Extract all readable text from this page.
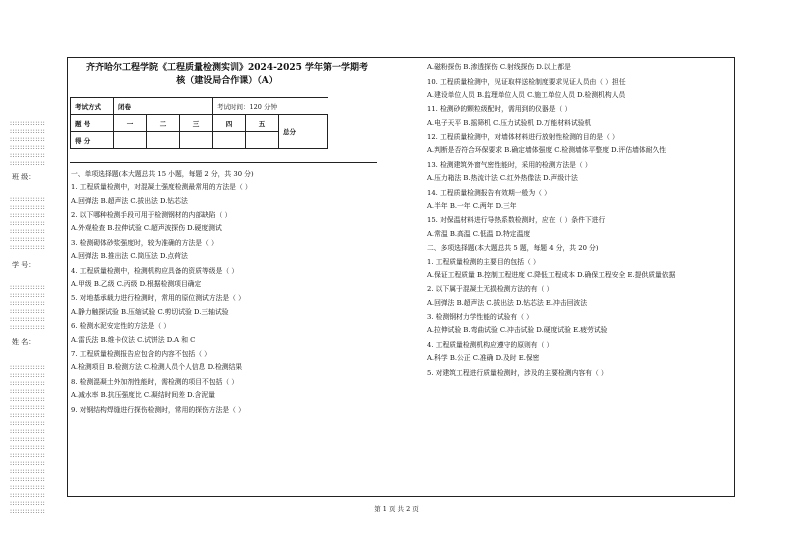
::::::::::::::
::::::::::::::
::::::::::::::
::::::::::::::
::::::::::::::
::::::::::::::
班 级：
::::::::::::::
::::::::::::::
::::::::::::::
::::::::::::::
::::::::::::::
::::::::::::::
::::::::::::::
学 号：
::::::::::::::
::::::::::::::
::::::::::::::
::::::::::::::
::::::::::::::
::::::::::::::
姓 名：
::::::::::::::
::::::::::::::
::::::::::::::
::::::::::::::
::::::::::::::
::::::::::::::
::::::::::::::
::::::::::::::
::::::::::::::
::::::::::::::
::::::::::::::
::::::::::::::
::::::::::::::
::::::::::::::
::::::::::::::
::::::::::::::
::::::::::::::
::::::::::::::
::::::::::::::
齐齐哈尔工程学院《工程质量检测实训》2024-2025 学年第一学期考
核（建设局合作课）（A）
考试方式	闭卷			考试时间：120 分钟		
题 号	一	二	三	四	五	总分
得 分						

一、单项选择题(本大题总共 15 小题，每题 2 分，共 30 分)

1. 工程质量检测中，对混凝土强度检测最常用的方法是（ ）

A.回弹法 B.超声法 C.拔出法 D.钻芯法

2. 以下哪种检测手段可用于检测钢材的内部缺陷（ ）

A.外观检查 B.拉伸试验 C.超声波探伤 D.硬度测试

3. 检测砌体砂浆强度时，较为准确的方法是（ ）

A.回弹法 B.推出法 C.筒压法 D.点荷法

4. 工程质量检测中，检测机构应具备的资质等级是（ ）

A.甲级 B.乙级 C.丙级 D.根据检测项目确定

5. 对地基承载力进行检测时，常用的原位测试方法是（ ）

A.静力触探试验 B.压缩试验 C.剪切试验 D.三轴试验

6. 检测水泥安定性的方法是（ ）

A.雷氏法 B.维卡仪法 C.试饼法 D.A 和 C

7. 工程质量检测报告应包含的内容不包括（ ）

A.检测项目 B.检测方法 C.检测人员个人信息 D.检测结果

8. 检测混凝土外加剂性能时，需检测的项目不包括（ ）

A.减水率 B.抗压强度比 C.凝结时间差 D.含泥量

9. 对钢结构焊缝进行探伤检测时，常用的探伤方法是（ ）

A.磁粉探伤 B.渗透探伤 C.射线探伤 D.以上都是

10. 工程质量检测中，见证取样送检制度要求见证人员由（ ）担任

A.建设单位人员 B.监理单位人员 C.施工单位人员 D.检测机构人员

11. 检测砂的颗粒级配时，需用到的仪器是（ ）

A.电子天平 B.摇筛机 C.压力试验机 D.万能材料试验机

12. 工程质量检测中，对墙体材料进行放射性检测的目的是（ ）

A.判断是否符合环保要求 B.确定墙体强度 C.检测墙体平整度 D.评估墙体耐久性

13. 检测建筑外窗气密性能时，采用的检测方法是（ ）

A.压力箱法 B.热流计法 C.红外热像法 D.声级计法

14. 工程质量检测报告有效期一般为（ ）

A.半年 B.一年 C.两年 D.三年

15. 对保温材料进行导热系数检测时，应在（ ）条件下进行

A.常温 B.高温 C.低温 D.特定温度

二、多项选择题(本大题总共 5 题，每题 4 分，共 20 分)

1. 工程质量检测的主要目的包括（ ）

A.保证工程质量 B.控制工程进度 C.降低工程成本 D.确保工程安全 E.提供质量依据

2. 以下属于混凝土无损检测方法的有（ ）

A.回弹法 B.超声法 C.拔出法 D.钻芯法 E.冲击回波法

3. 检测钢材力学性能的试验有（ ）

A.拉伸试验 B.弯曲试验 C.冲击试验 D.硬度试验 E.疲劳试验

4. 工程质量检测机构应遵守的原则有（ ）

A.科学 B.公正 C.准确 D.及时 E.保密

5. 对建筑工程进行质量检测时，涉及的主要检测内容有（ ）

第 1 页 共 2 页
